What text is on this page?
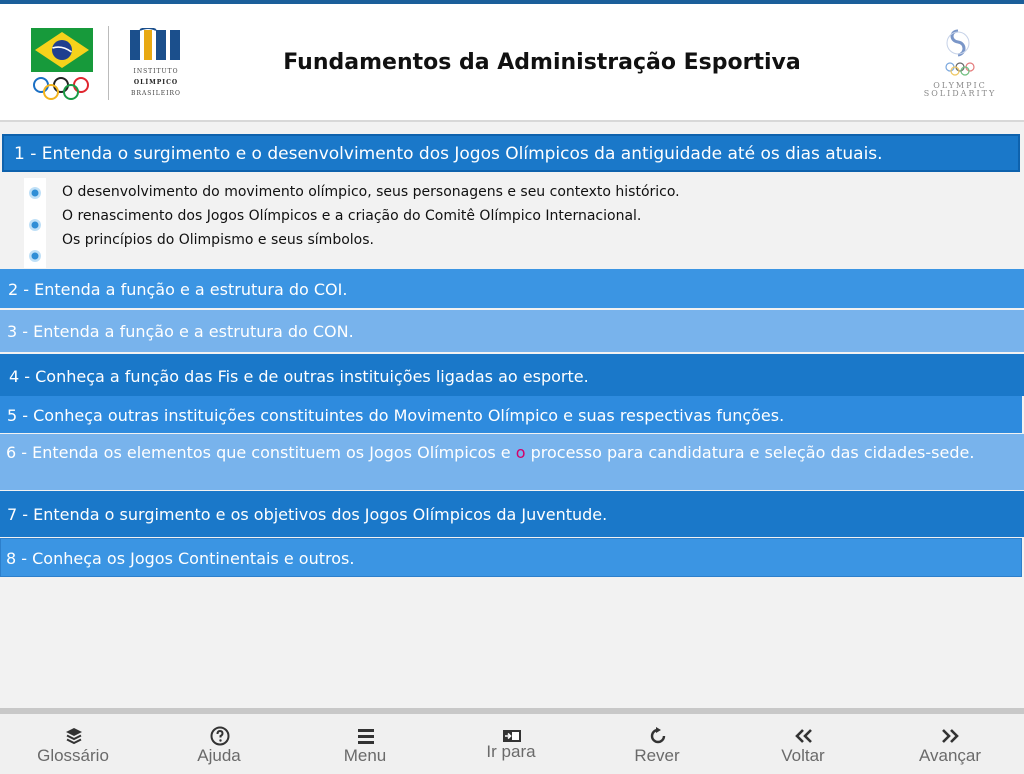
INSTITUTO
OLÍMPICO
BRASILEIRO
Fundamentos da Administração Esportiva
OLYMPIC
SOLIDARITY
1 - Entenda o surgimento e o desenvolvimento dos Jogos Olímpicos da antiguidade até os dias atuais.
O desenvolvimento do movimento olímpico, seus personagens e seu contexto histórico.
O renascimento dos Jogos Olímpicos e a criação do Comitê Olímpico Internacional.
Os princípios do Olimpismo e seus símbolos.
2 - Entenda a função e a estrutura do COI.
3 - Entenda a função e a estrutura do CON.
4 - Conheça a função das Fis e de outras instituições ligadas ao esporte.
5 - Conheça outras instituições constituintes do Movimento Olímpico e suas respectivas funções.
6 - Entenda os elementos que constituem os Jogos Olímpicos e o processo para candidatura e seleção das cidades-sede.
7 - Entenda o surgimento e os objetivos dos Jogos Olímpicos da Juventude.
8 - Conheça os Jogos Continentais e outros.
Glossário	Ajuda	Menu	Ir para	Rever	Voltar	Avançar
